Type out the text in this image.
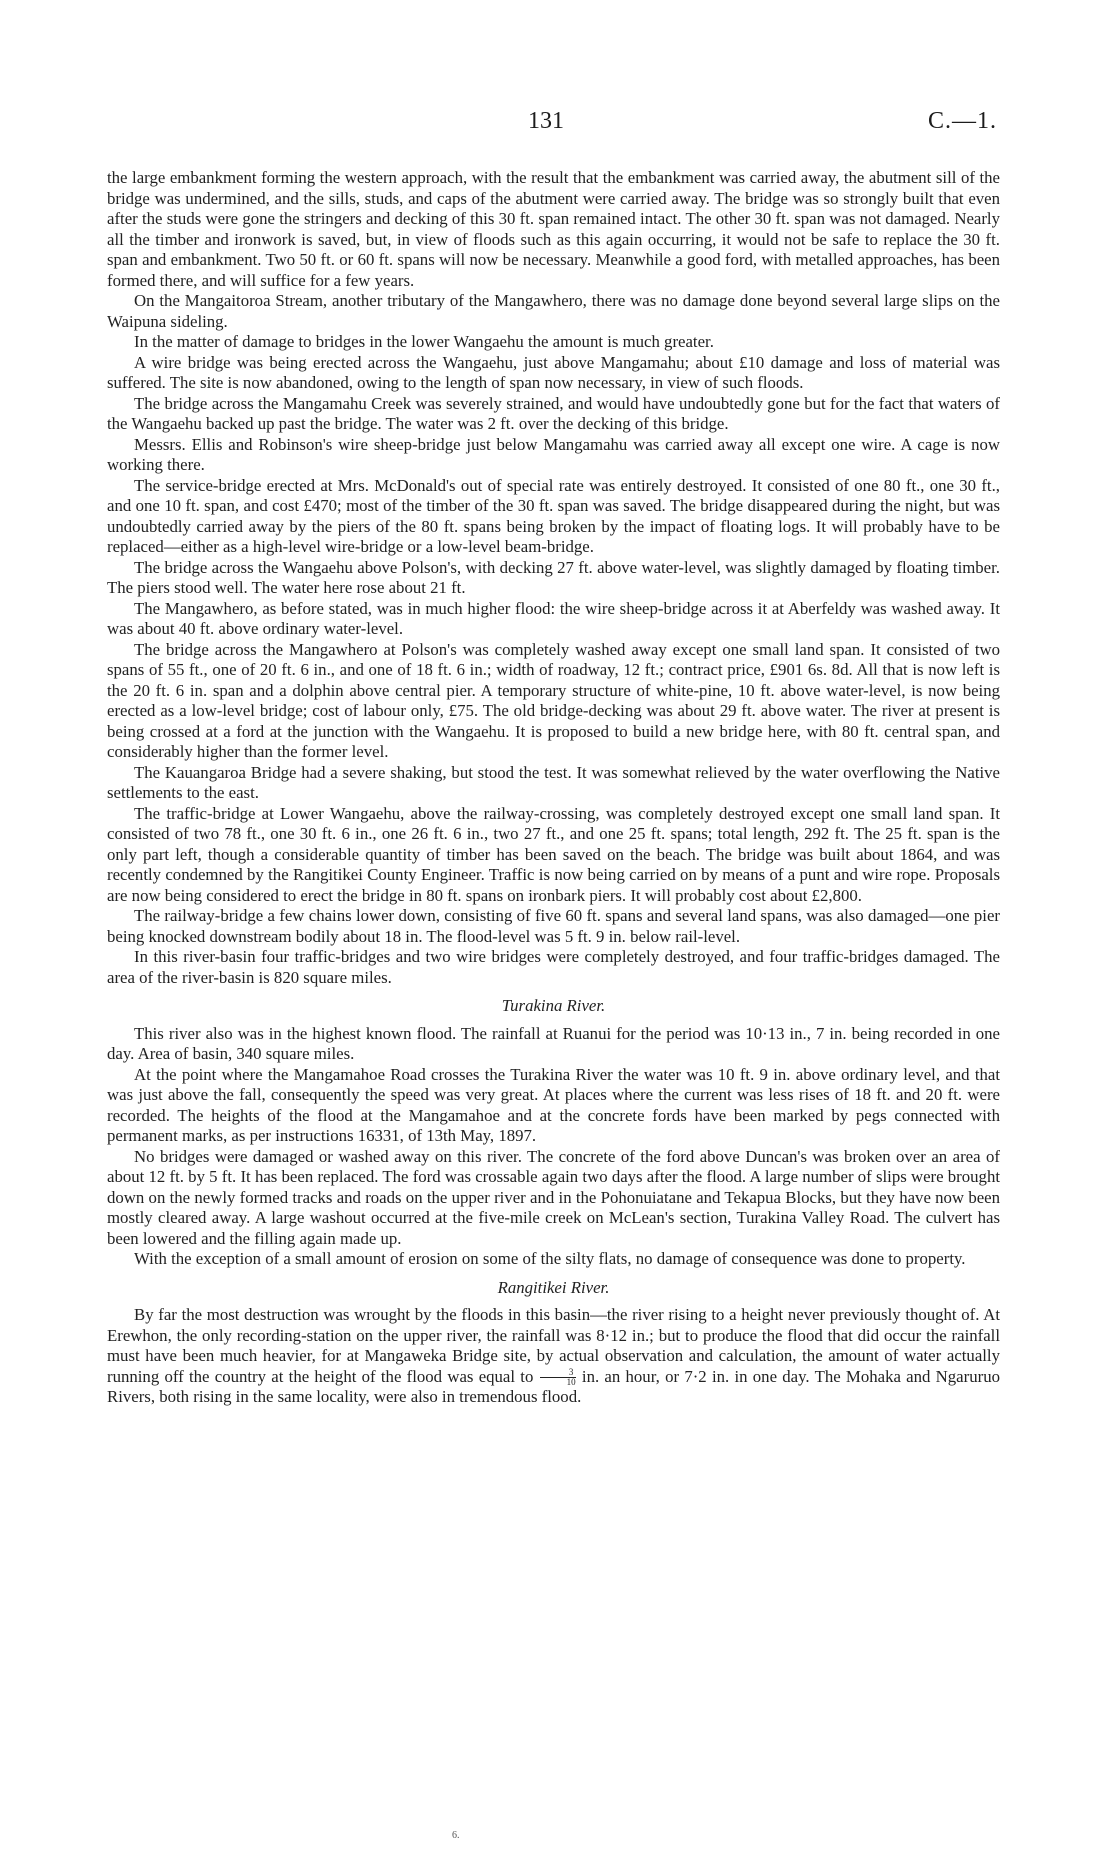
131	C.—1.

the large embankment forming the western approach, with the result that the embankment was carried away, the abutment sill of the bridge was undermined, and the sills, studs, and caps of the abutment were carried away. The bridge was so strongly built that even after the studs were gone the stringers and decking of this 30 ft. span remained intact. The other 30 ft. span was not damaged. Nearly all the timber and ironwork is saved, but, in view of floods such as this again occurring, it would not be safe to replace the 30 ft. span and embankment. Two 50 ft. or 60 ft. spans will now be necessary. Meanwhile a good ford, with metalled approaches, has been formed there, and will suffice for a few years.

On the Mangaitoroa Stream, another tributary of the Mangawhero, there was no damage done beyond several large slips on the Waipuna sideling.

In the matter of damage to bridges in the lower Wangaehu the amount is much greater.

A wire bridge was being erected across the Wangaehu, just above Mangamahu; about £10 damage and loss of material was suffered. The site is now abandoned, owing to the length of span now necessary, in view of such floods.

The bridge across the Mangamahu Creek was severely strained, and would have undoubtedly gone but for the fact that waters of the Wangaehu backed up past the bridge. The water was 2 ft. over the decking of this bridge.

Messrs. Ellis and Robinson's wire sheep-bridge just below Mangamahu was carried away all except one wire. A cage is now working there.

The service-bridge erected at Mrs. McDonald's out of special rate was entirely destroyed. It consisted of one 80 ft., one 30 ft., and one 10 ft. span, and cost £470; most of the timber of the 30 ft. span was saved. The bridge disappeared during the night, but was undoubtedly carried away by the piers of the 80 ft. spans being broken by the impact of floating logs. It will probably have to be replaced—either as a high-level wire-bridge or a low-level beam-bridge.

The bridge across the Wangaehu above Polson's, with decking 27 ft. above water-level, was slightly damaged by floating timber. The piers stood well. The water here rose about 21 ft.

The Mangawhero, as before stated, was in much higher flood: the wire sheep-bridge across it at Aberfeldy was washed away. It was about 40 ft. above ordinary water-level.

The bridge across the Mangawhero at Polson's was completely washed away except one small land span. It consisted of two spans of 55 ft., one of 20 ft. 6 in., and one of 18 ft. 6 in.; width of roadway, 12 ft.; contract price, £901 6s. 8d. All that is now left is the 20 ft. 6 in. span and a dolphin above central pier. A temporary structure of white-pine, 10 ft. above water-level, is now being erected as a low-level bridge; cost of labour only, £75. The old bridge-decking was about 29 ft. above water. The river at present is being crossed at a ford at the junction with the Wangaehu. It is proposed to build a new bridge here, with 80 ft. central span, and considerably higher than the former level.

The Kauangaroa Bridge had a severe shaking, but stood the test. It was somewhat relieved by the water overflowing the Native settlements to the east.

The traffic-bridge at Lower Wangaehu, above the railway-crossing, was completely destroyed except one small land span. It consisted of two 78 ft., one 30 ft. 6 in., one 26 ft. 6 in., two 27 ft., and one 25 ft. spans; total length, 292 ft. The 25 ft. span is the only part left, though a considerable quantity of timber has been saved on the beach. The bridge was built about 1864, and was recently condemned by the Rangitikei County Engineer. Traffic is now being carried on by means of a punt and wire rope. Proposals are now being considered to erect the bridge in 80 ft. spans on ironbark piers. It will probably cost about £2,800.

The railway-bridge a few chains lower down, consisting of five 60 ft. spans and several land spans, was also damaged—one pier being knocked downstream bodily about 18 in. The flood-level was 5 ft. 9 in. below rail-level.

In this river-basin four traffic-bridges and two wire bridges were completely destroyed, and four traffic-bridges damaged. The area of the river-basin is 820 square miles.

Turakina River.

This river also was in the highest known flood. The rainfall at Ruanui for the period was 10·13 in., 7 in. being recorded in one day. Area of basin, 340 square miles.

At the point where the Mangamahoe Road crosses the Turakina River the water was 10 ft. 9 in. above ordinary level, and that was just above the fall, consequently the speed was very great. At places where the current was less rises of 18 ft. and 20 ft. were recorded. The heights of the flood at the Mangamahoe and at the concrete fords have been marked by pegs connected with permanent marks, as per instructions 16331, of 13th May, 1897.

No bridges were damaged or washed away on this river. The concrete of the ford above Duncan's was broken over an area of about 12 ft. by 5 ft. It has been replaced. The ford was crossable again two days after the flood. A large number of slips were brought down on the newly formed tracks and roads on the upper river and in the Pohonuiatane and Tekapua Blocks, but they have now been mostly cleared away. A large washout occurred at the five-mile creek on McLean's section, Turakina Valley Road. The culvert has been lowered and the filling again made up.

With the exception of a small amount of erosion on some of the silty flats, no damage of consequence was done to property.

Rangitikei River.

By far the most destruction was wrought by the floods in this basin—the river rising to a height never previously thought of. At Erewhon, the only recording-station on the upper river, the rainfall was 8·12 in.; but to produce the flood that did occur the rainfall must have been much heavier, for at Mangaweka Bridge site, by actual observation and calculation, the amount of water actually running off the country at the height of the flood was equal to $\frac{3}{10}$ in. an hour, or 7·2 in. in one day. The Mohaka and Ngaruruo Rivers, both rising in the same locality, were also in tremendous flood.

6.
